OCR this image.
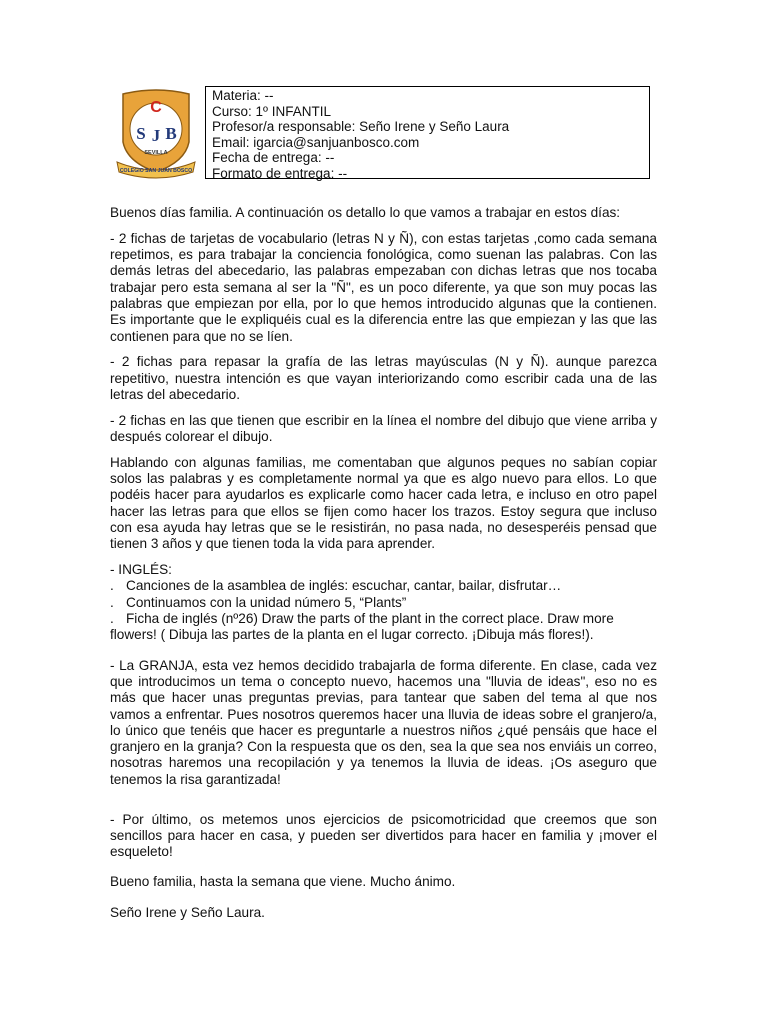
C
S J B
SEVILLA
COLEGIO SAN JUAN BOSCO
Materia: --
Curso: 1º INFANTIL
Profesor/a responsable: Seño Irene y Seño Laura
Email: igarcia@sanjuanbosco.com
Fecha de entrega: --
Formato de entrega: --

Buenos días familia. A continuación os detallo lo que vamos a trabajar en estos días:

- 2 fichas de tarjetas de vocabulario (letras N y Ñ), con estas tarjetas ,como cada semana repetimos, es para trabajar la conciencia fonológica, como suenan las palabras. Con las demás letras del abecedario, las palabras empezaban con dichas letras que nos tocaba trabajar pero esta semana al ser la "Ñ", es un poco diferente, ya que son muy pocas las palabras que empiezan por ella, por lo que hemos introducido algunas que la contienen. Es importante que le expliquéis cual es la diferencia entre las que empiezan y las que las contienen para que no se líen.

- 2 fichas para repasar la grafía de las letras mayúsculas (N y Ñ). aunque parezca repetitivo, nuestra intención es que vayan interiorizando como escribir cada una de las letras del abecedario.

- 2 fichas en las que tienen que escribir en la línea el nombre del dibujo que viene arriba y después colorear el dibujo.

Hablando con algunas familias, me comentaban que algunos peques no sabían copiar solos las palabras y es completamente normal ya que es algo nuevo para ellos. Lo que podéis hacer para ayudarlos es explicarle como hacer cada letra, e incluso en otro papel hacer las letras para que ellos se fijen como hacer los trazos. Estoy segura que incluso con esa ayuda hay letras que se le resistirán, no pasa nada, no desesperéis pensad que tienen 3 años y que tienen toda la vida para aprender.

- INGLÉS:
. Canciones de la asamblea de inglés: escuchar, cantar, bailar, disfrutar…
. Continuamos con la unidad número 5, “Plants”
. Ficha de inglés (nº26) Draw the parts of the plant in the correct place. Draw more

flowers! ( Dibuja las partes de la planta en el lugar correcto. ¡Dibuja más flores!).

- La GRANJA, esta vez hemos decidido trabajarla de forma diferente. En clase, cada vez que introducimos un tema o concepto nuevo, hacemos una "lluvia de ideas", eso no es más que hacer unas preguntas previas, para tantear que saben del tema al que nos vamos a enfrentar. Pues nosotros queremos hacer una lluvia de ideas sobre el granjero/a, lo único que tenéis que hacer es preguntarle a nuestros niños ¿qué pensáis que hace el granjero en la granja? Con la respuesta que os den, sea la que sea nos enviáis un correo, nosotras haremos una recopilación y ya tenemos la lluvia de ideas. ¡Os aseguro que tenemos la risa garantizada!

- Por último, os metemos unos ejercicios de psicomotricidad que creemos que son sencillos para hacer en casa, y pueden ser divertidos para hacer en familia y ¡mover el esqueleto!

Bueno familia, hasta la semana que viene. Mucho ánimo.

Seño Irene y Seño Laura.
